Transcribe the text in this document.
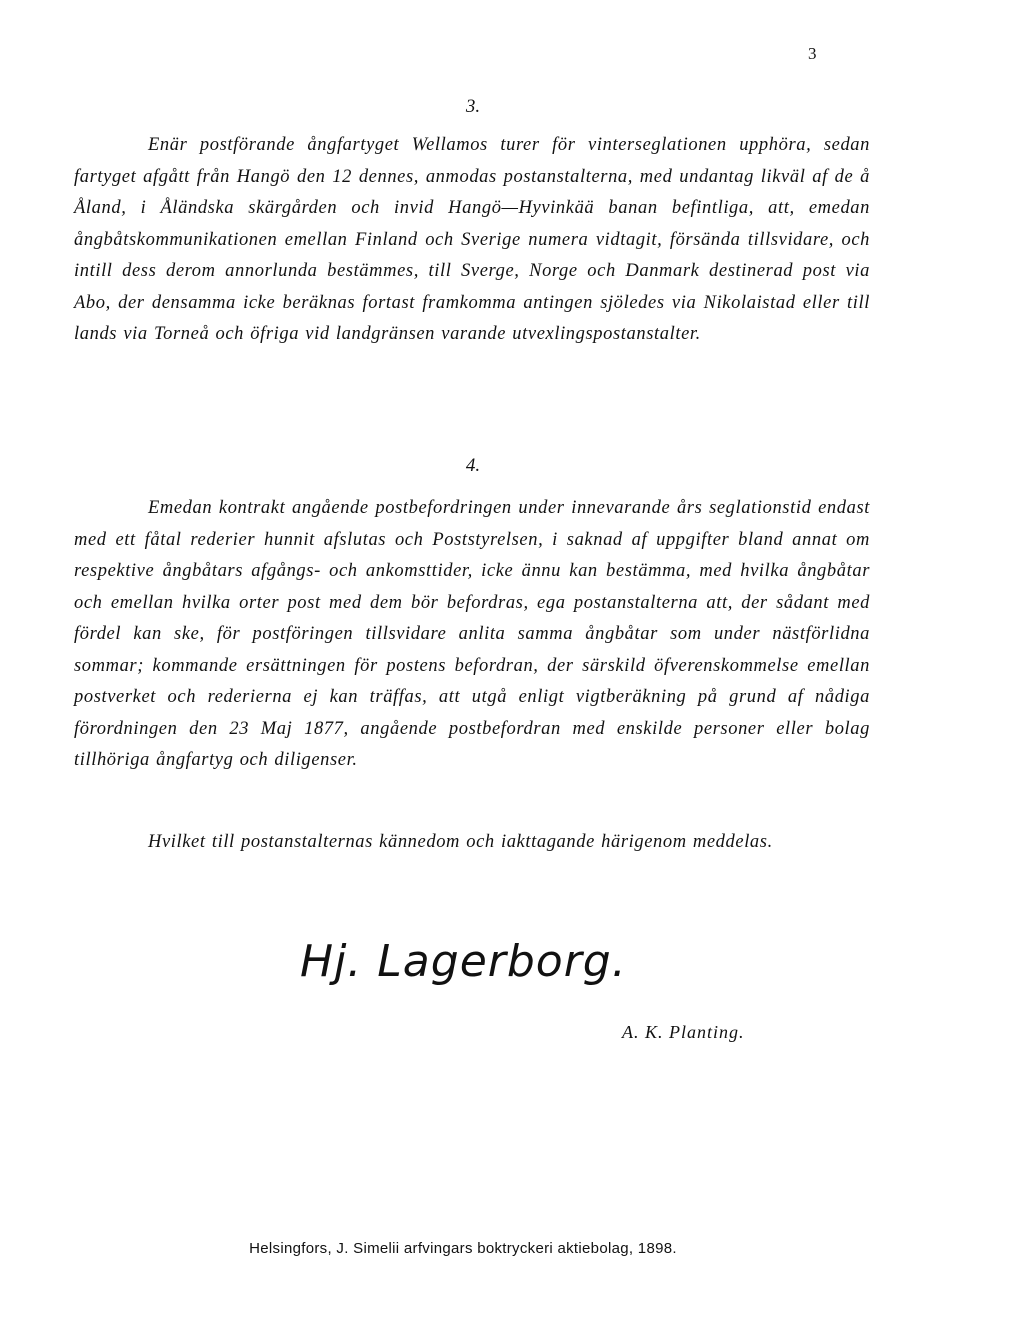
3
3.

Enär postförande ångfartyget Wellamos turer för vinterseglationen upphöra, sedan fartyget afgått från Hangö den 12 dennes, anmodas postanstalterna, med undantag likväl af de å Åland, i Åländska skärgården och invid Hangö—Hyvinkää banan befintliga, att, emedan ångbåtskommunikationen emellan Finland och Sverige numera vidtagit, försända tillsvidare, och intill dess derom annorlunda bestämmes, till Sverge, Norge och Danmark destinerad post via Abo, der densamma icke beräknas fortast framkomma antingen sjöledes via Nikolaistad eller till lands via Torneå och öfriga vid landgränsen varande utvexlingspostanstalter.

4.

Emedan kontrakt angående postbefordringen under innevarande års seglationstid endast med ett fåtal rederier hunnit afslutas och Poststyrelsen, i saknad af uppgifter bland annat om respektive ångbåtars afgångs- och ankomsttider, icke ännu kan bestämma, med hvilka ångbåtar och emellan hvilka orter post med dem bör befordras, ega postanstalterna att, der sådant med fördel kan ske, för postföringen tillsvidare anlita samma ångbåtar som under nästförlidna sommar; kommande ersättningen för postens befordran, der särskild öfverenskommelse emellan postverket och rederierna ej kan träffas, att utgå enligt vigtberäkning på grund af nådiga förordningen den 23 Maj 1877, angående postbefordran med enskilde personer eller bolag tillhöriga ångfartyg och diligenser.

Hvilket till postanstalternas kännedom och iakttagande härigenom meddelas.

Hj. Lagerborg.
A. K. Planting.
Helsingfors, J. Simelii arfvingars boktryckeri aktiebolag, 1898.
